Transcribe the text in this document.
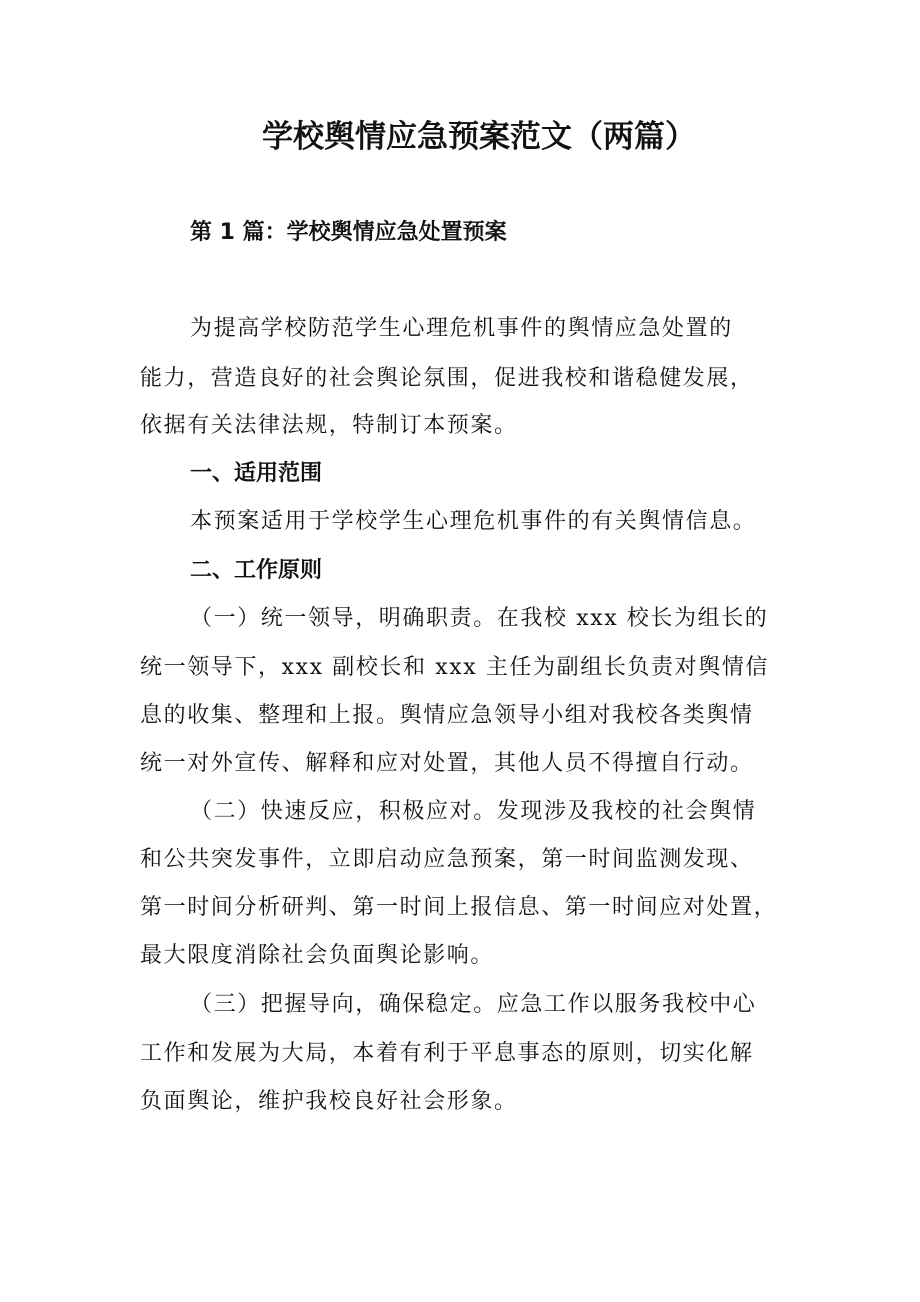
学校舆情应急预案范文（两篇）
第 1 篇：学校舆情应急处置预案
为提高学校防范学生心理危机事件的舆情应急处置的
能力，营造良好的社会舆论氛围，促进我校和谐稳健发展，
依据有关法律法规，特制订本预案。
一、适用范围
本预案适用于学校学生心理危机事件的有关舆情信息。
二、工作原则
（一）统一领导，明确职责。在我校 xxx 校长为组长的
统一领导下，xxx 副校长和 xxx 主任为副组长负责对舆情信
息的收集、整理和上报。舆情应急领导小组对我校各类舆情
统一对外宣传、解释和应对处置，其他人员不得擅自行动。
（二）快速反应，积极应对。发现涉及我校的社会舆情
和公共突发事件，立即启动应急预案，第一时间监测发现、
第一时间分析研判、第一时间上报信息、第一时间应对处置，
最大限度消除社会负面舆论影响。
（三）把握导向，确保稳定。应急工作以服务我校中心
工作和发展为大局，本着有利于平息事态的原则，切实化解
负面舆论，维护我校良好社会形象。
